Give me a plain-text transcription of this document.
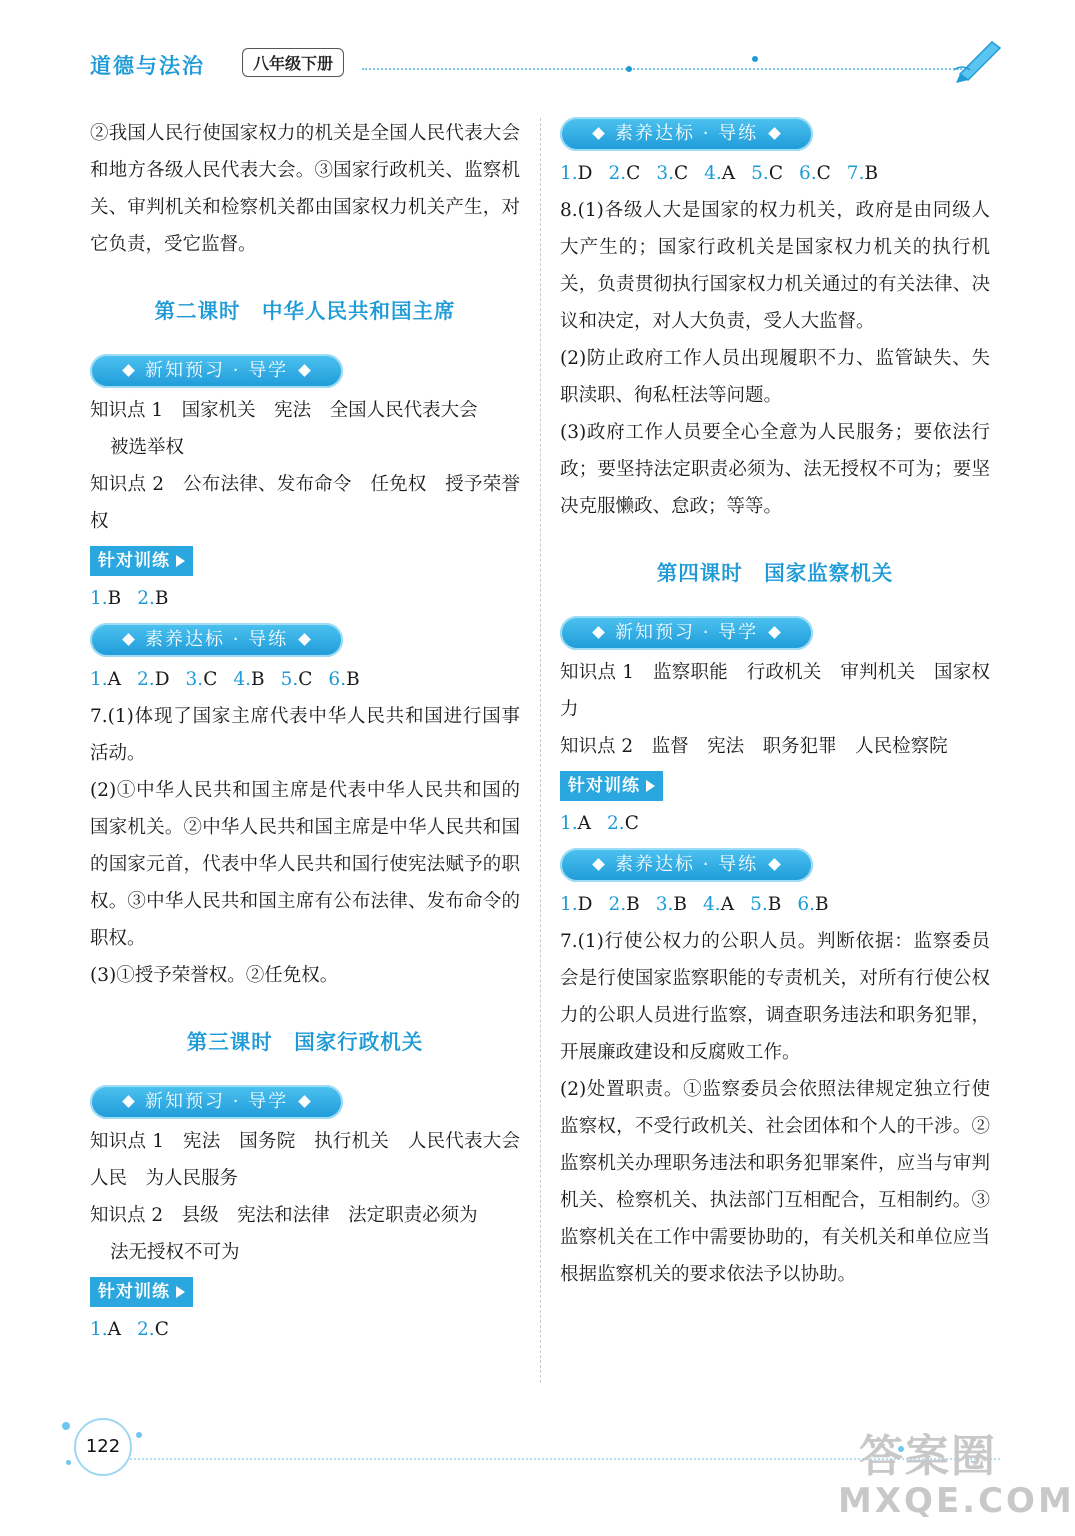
道德与法治	八年级下册

②我国人民行使国家权力的机关是全国人民代表大会和地方各级人民代表大会。③国家行政机关、监察机关、审判机关和检察机关都由国家权力机关产生，对它负责，受它监督。

第二课时　中华人民共和国主席
新知预习 · 导学

知识点 1　国家机关　宪法　全国人民代表大会

被选举权

知识点 2　公布法律、发布命令　任免权　授予荣誉权

针对训练
1.B 2.B
素养达标 · 导练
1.A 2.D 3.C 4.B 5.C 6.B

7.(1)体现了国家主席代表中华人民共和国进行国事活动。

(2)①中华人民共和国主席是代表中华人民共和国的国家机关。②中华人民共和国主席是中华人民共和国的国家元首，代表中华人民共和国行使宪法赋予的职权。③中华人民共和国主席有公布法律、发布命令的职权。

(3)①授予荣誉权。②任免权。

第三课时　国家行政机关
新知预习 · 导学

知识点 1　宪法　国务院　执行机关　人民代表大会　人民　为人民服务

知识点 2　县级　宪法和法律　法定职责必须为

法无授权不可为

针对训练
1.A 2.C
素养达标 · 导练
1.D 2.C 3.C 4.A 5.C 6.C 7.B

8.(1)各级人大是国家的权力机关，政府是由同级人大产生的；国家行政机关是国家权力机关的执行机关，负责贯彻执行国家权力机关通过的有关法律、决议和决定，对人大负责，受人大监督。

(2)防止政府工作人员出现履职不力、监管缺失、失职渎职、徇私枉法等问题。

(3)政府工作人员要全心全意为人民服务；要依法行政；要坚持法定职责必须为、法无授权不可为；要坚决克服懒政、怠政；等等。

第四课时　国家监察机关
新知预习 · 导学

知识点 1　监察职能　行政机关　审判机关　国家权力

知识点 2　监督　宪法　职务犯罪　人民检察院

针对训练
1.A 2.C
素养达标 · 导练
1.D 2.B 3.B 4.A 5.B 6.B

7.(1)行使公权力的公职人员。判断依据：监察委员会是行使国家监察职能的专责机关，对所有行使公权力的公职人员进行监察，调查职务违法和职务犯罪，开展廉政建设和反腐败工作。

(2)处置职责。①监察委员会依照法律规定独立行使监察权，不受行政机关、社会团体和个人的干涉。②监察机关办理职务违法和职务犯罪案件，应当与审判机关、检察机关、执法部门互相配合，互相制约。③监察机关在工作中需要协助的，有关机关和单位应当根据监察机关的要求依法予以协助。

122	答案圈
MXQE.COM
